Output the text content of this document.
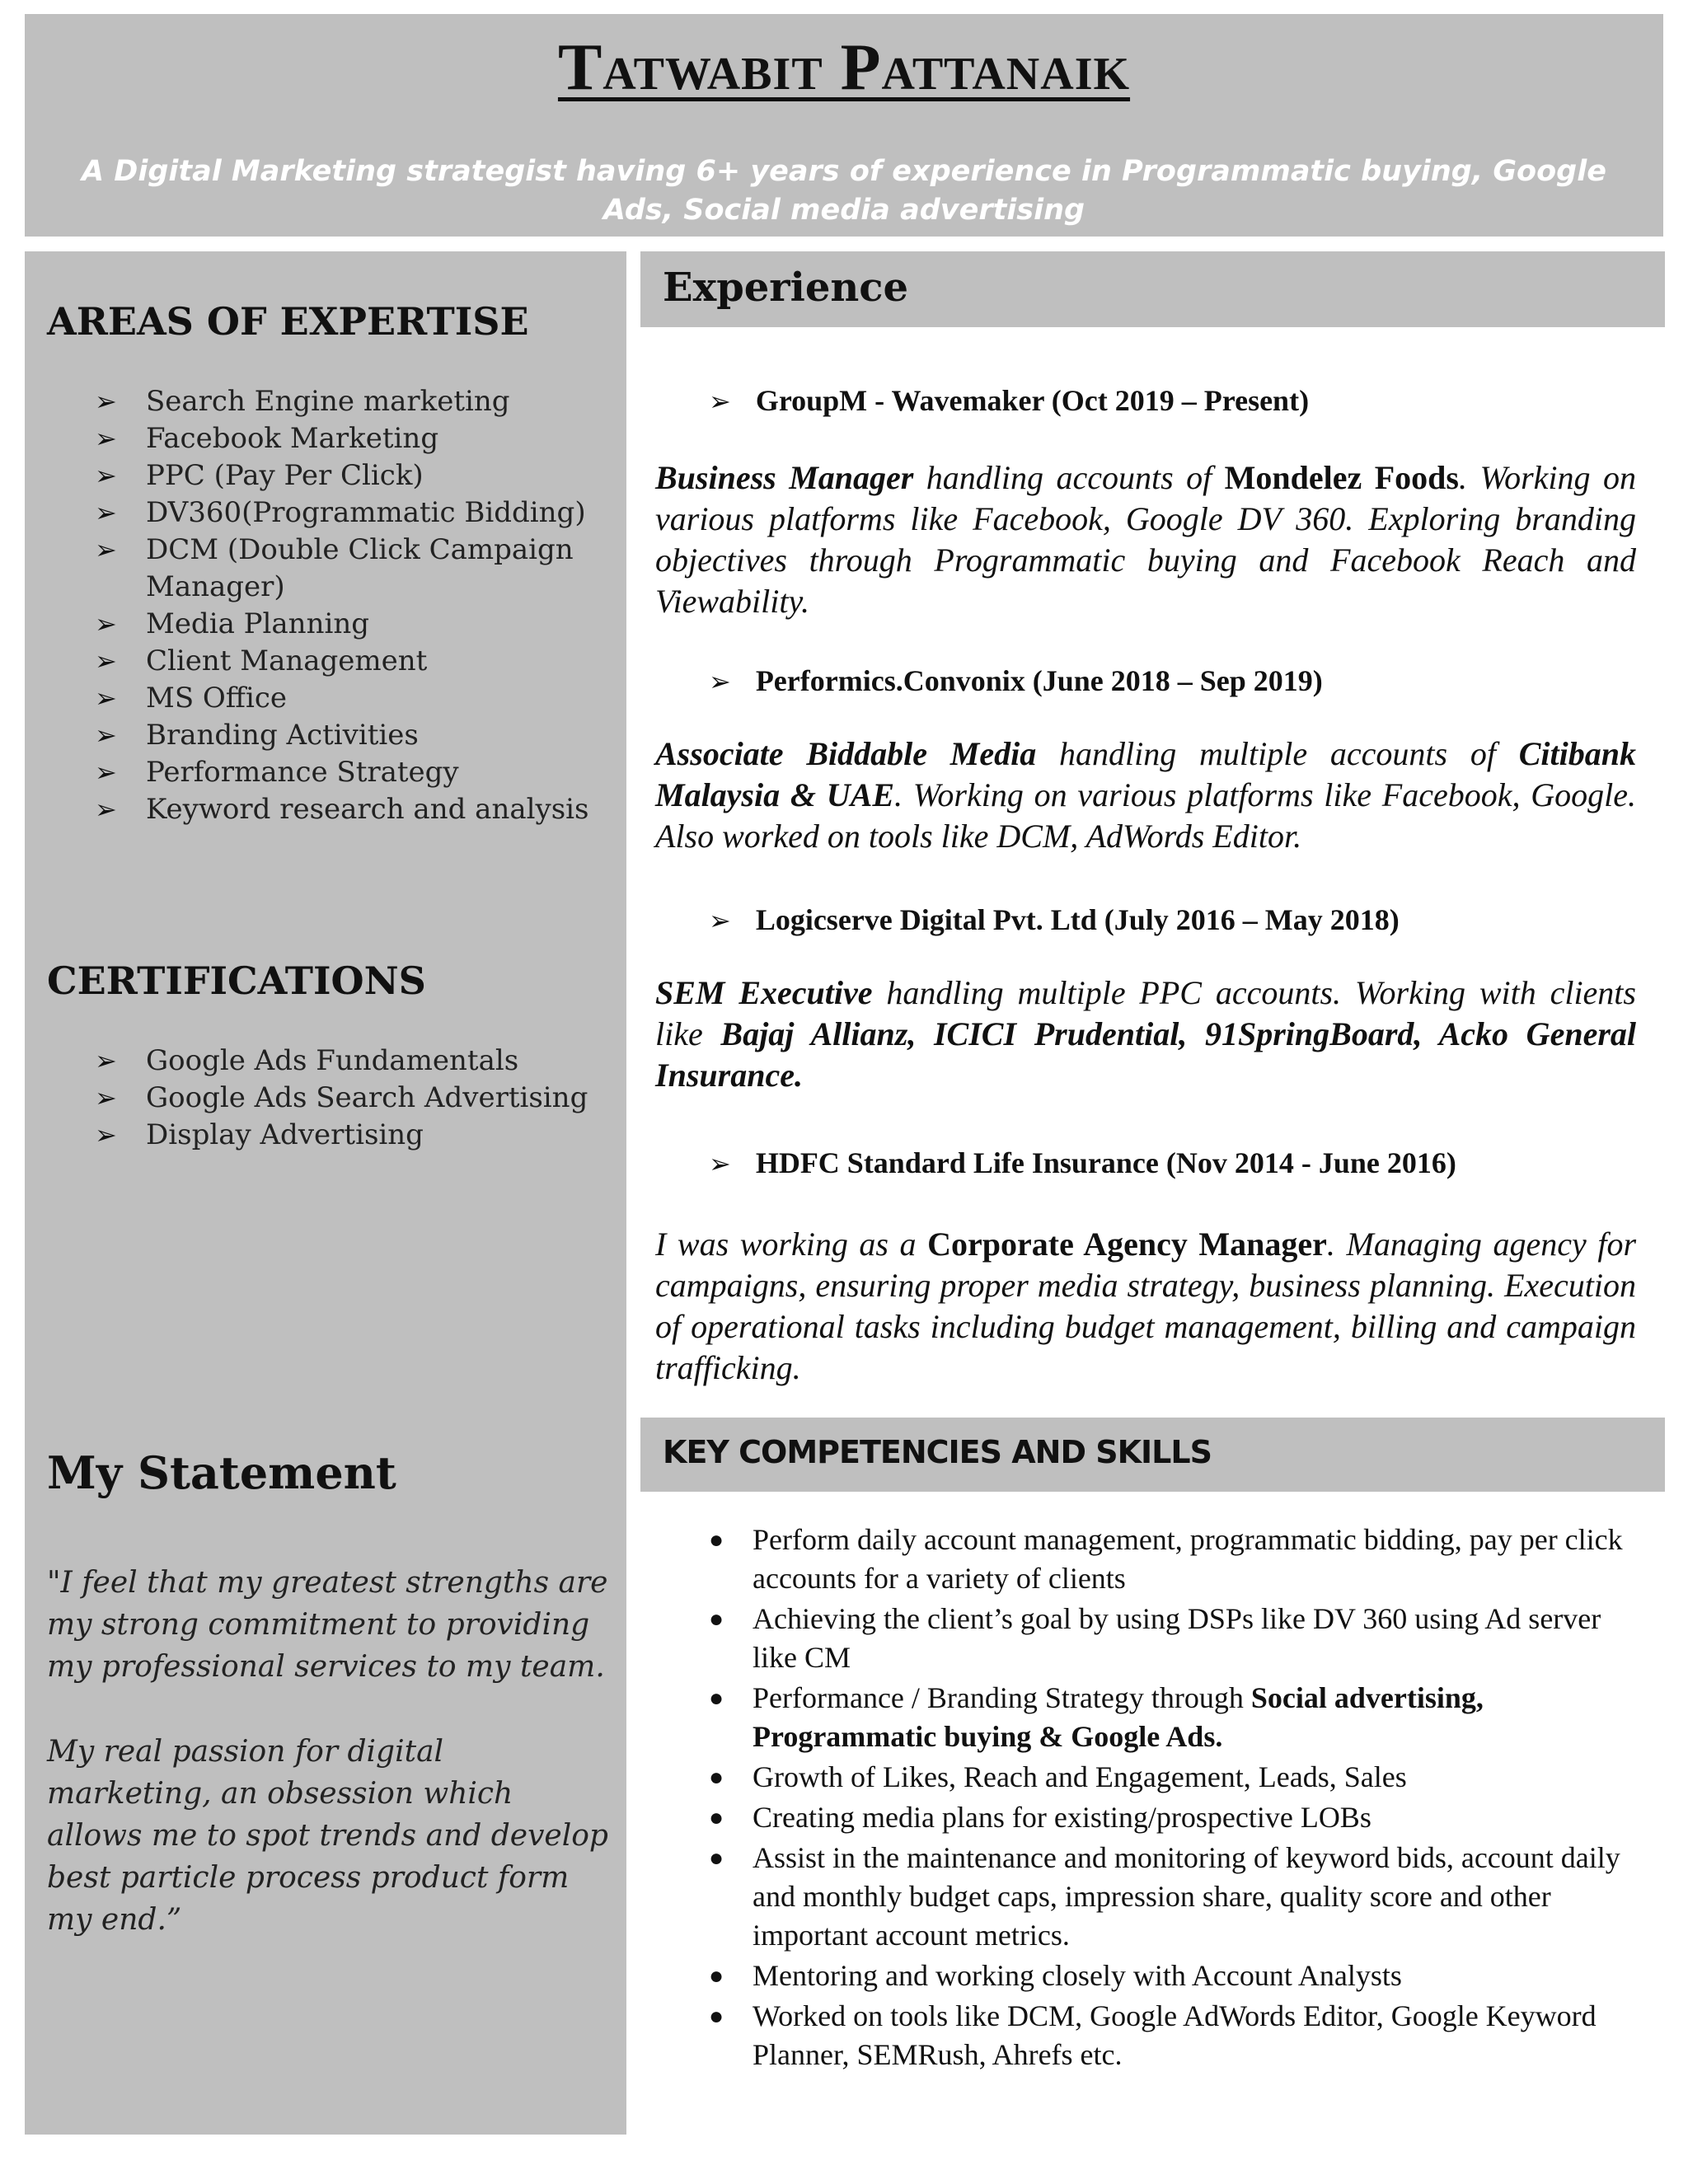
Tatwabit Pattanaik
A Digital Marketing strategist having 6+ years of experience in Programmatic buying, Google Ads, Social media advertising
AREAS OF EXPERTISE
➢ Search Engine marketing
➢ Facebook Marketing
➢ PPC (Pay Per Click)
➢ DV360(Programmatic Bidding)
➢ DCM (Double Click Campaign Manager)
➢ Media Planning
➢ Client Management
➢ MS Office
➢ Branding Activities
➢ Performance Strategy
➢ Keyword research and analysis
CERTIFICATIONS
➢ Google Ads Fundamentals
➢ Google Ads Search Advertising
➢ Display Advertising
My Statement
"I feel that my greatest strengths are my strong commitment to providing my professional services to my team.
My real passion for digital marketing, an obsession which allows me to spot trends and develop best particle process product form my end.”
Experience
➢ GroupM - Wavemaker (Oct 2019 – Present)
Business Manager handling accounts of Mondelez Foods. Working on various platforms like Facebook, Google DV 360. Exploring branding objectives through Programmatic buying and Facebook Reach and Viewability.
➢ Performics.Convonix (June 2018 – Sep 2019)
Associate Biddable Media handling multiple accounts of Citibank Malaysia & UAE. Working on various platforms like Facebook, Google. Also worked on tools like DCM, AdWords Editor.
➢ Logicserve Digital Pvt. Ltd (July 2016 – May 2018)
SEM Executive handling multiple PPC accounts. Working with clients like Bajaj Allianz, ICICI Prudential, 91SpringBoard, Acko General Insurance.
➢ HDFC Standard Life Insurance (Nov 2014 - June 2016)
I was working as a Corporate Agency Manager. Managing agency for campaigns, ensuring proper media strategy, business planning. Execution of operational tasks including budget management, billing and campaign trafficking.
KEY COMPETENCIES AND SKILLS
● Perform daily account management, programmatic bidding, pay per click accounts for a variety of clients
● Achieving the client’s goal by using DSPs like DV 360 using Ad server like CM
● Performance / Branding Strategy through Social advertising, Programmatic buying & Google Ads.
● Growth of Likes, Reach and Engagement, Leads, Sales
● Creating media plans for existing/prospective LOBs
● Assist in the maintenance and monitoring of keyword bids, account daily and monthly budget caps, impression share, quality score and other important account metrics.
● Mentoring and working closely with Account Analysts
● Worked on tools like DCM, Google AdWords Editor, Google Keyword Planner, SEMRush, Ahrefs etc.
